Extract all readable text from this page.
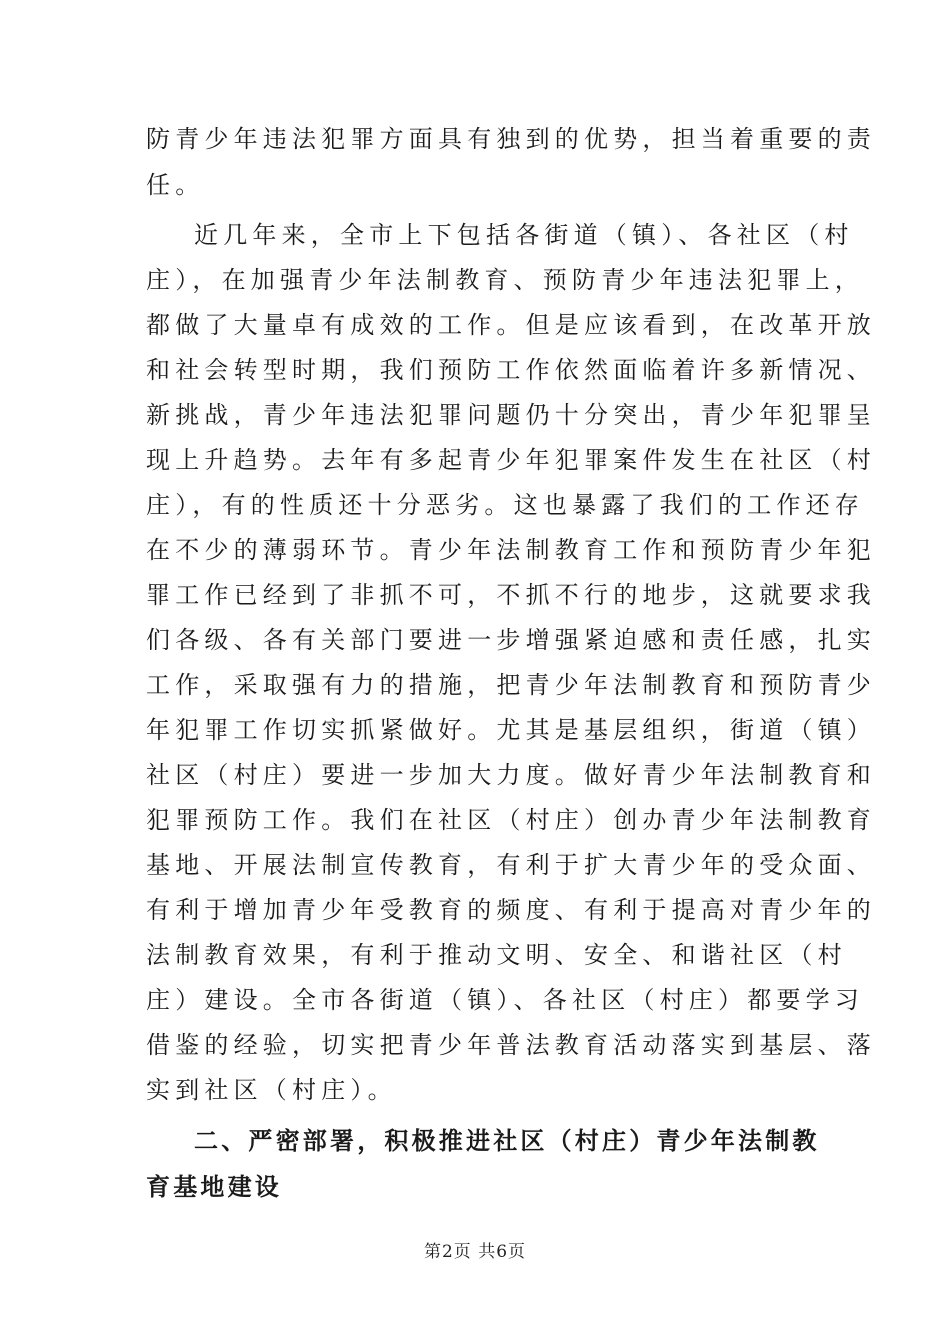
防青少年违法犯罪方面具有独到的优势，担当着重要的责
任。
近几年来，全市上下包括各街道（镇）、各社区（村
庄），在加强青少年法制教育、预防青少年违法犯罪上，
都做了大量卓有成效的工作。但是应该看到，在改革开放
和社会转型时期，我们预防工作依然面临着许多新情况、
新挑战，青少年违法犯罪问题仍十分突出，青少年犯罪呈
现上升趋势。去年有多起青少年犯罪案件发生在社区（村
庄），有的性质还十分恶劣。这也暴露了我们的工作还存
在不少的薄弱环节。青少年法制教育工作和预防青少年犯
罪工作已经到了非抓不可，不抓不行的地步，这就要求我
们各级、各有关部门要进一步增强紧迫感和责任感，扎实
工作，采取强有力的措施，把青少年法制教育和预防青少
年犯罪工作切实抓紧做好。尤其是基层组织，街道（镇）
社区（村庄）要进一步加大力度。做好青少年法制教育和
犯罪预防工作。我们在社区（村庄）创办青少年法制教育
基地、开展法制宣传教育，有利于扩大青少年的受众面、
有利于增加青少年受教育的频度、有利于提高对青少年的
法制教育效果，有利于推动文明、安全、和谐社区（村
庄）建设。全市各街道（镇）、各社区（村庄）都要学习
借鉴的经验，切实把青少年普法教育活动落实到基层、落
实到社区（村庄）。
二、严密部署，积极推进社区（村庄）青少年法制教
育基地建设
第2页 共6页
